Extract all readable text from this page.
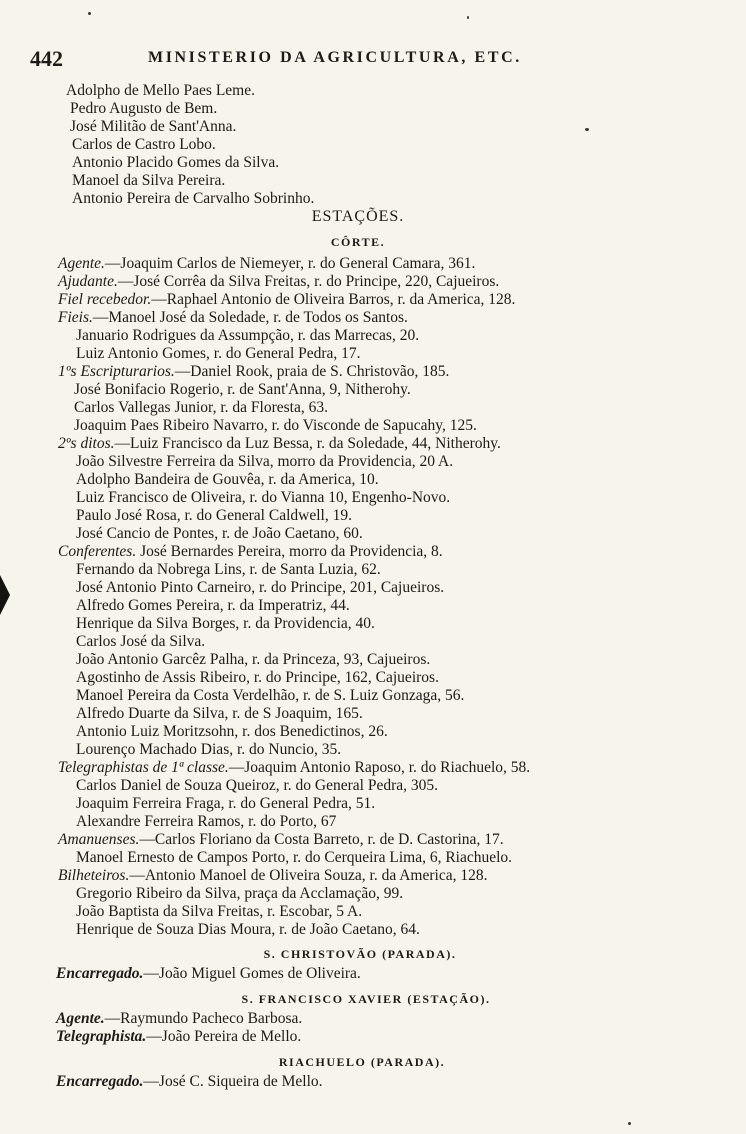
442	MINISTERIO DA AGRICULTURA, ETC.
Adolpho de Mello Paes Leme.
Pedro Augusto de Bem.
José Militão de Sant'Anna.
Carlos de Castro Lobo.
Antonio Placido Gomes da Silva.
Manoel da Silva Pereira.
Antonio Pereira de Carvalho Sobrinho.
ESTAÇÕES.
CÔRTE.
Agente.—Joaquim Carlos de Niemeyer, r. do General Camara, 361.
Ajudante.—José Corrêa da Silva Freitas, r. do Principe, 220, Cajueiros.
Fiel recebedor.—Raphael Antonio de Oliveira Barros, r. da America, 128.
Fieis.—Manoel José da Soledade, r. de Todos os Santos.
Januario Rodrigues da Assumpção, r. das Marrecas, 20.
Luiz Antonio Gomes, r. do General Pedra, 17.
1ºs Escripturarios.—Daniel Rook, praia de S. Christovão, 185.
José Bonifacio Rogerio, r. de Sant'Anna, 9, Nitherohy.
Carlos Vallegas Junior, r. da Floresta, 63.
Joaquim Paes Ribeiro Navarro, r. do Visconde de Sapucahy, 125.
2ºs ditos.—Luiz Francisco da Luz Bessa, r. da Soledade, 44, Nitherohy.
João Silvestre Ferreira da Silva, morro da Providencia, 20 A.
Adolpho Bandeira de Gouvêa, r. da America, 10.
Luiz Francisco de Oliveira, r. do Vianna 10, Engenho-Novo.
Paulo José Rosa, r. do General Caldwell, 19.
José Cancio de Pontes, r. de João Caetano, 60.
Conferentes. José Bernardes Pereira, morro da Providencia, 8.
Fernando da Nobrega Lins, r. de Santa Luzia, 62.
José Antonio Pinto Carneiro, r. do Principe, 201, Cajueiros.
Alfredo Gomes Pereira, r. da Imperatriz, 44.
Henrique da Silva Borges, r. da Providencia, 40.
Carlos José da Silva.
João Antonio Garcêz Palha, r. da Princeza, 93, Cajueiros.
Agostinho de Assis Ribeiro, r. do Principe, 162, Cajueiros.
Manoel Pereira da Costa Verdelhão, r. de S. Luiz Gonzaga, 56.
Alfredo Duarte da Silva, r. de S Joaquim, 165.
Antonio Luiz Moritzsohn, r. dos Benedictinos, 26.
Lourenço Machado Dias, r. do Nuncio, 35.
Telegraphistas de 1ª classe.—Joaquim Antonio Raposo, r. do Riachuelo, 58.
Carlos Daniel de Souza Queiroz, r. do General Pedra, 305.
Joaquim Ferreira Fraga, r. do General Pedra, 51.
Alexandre Ferreira Ramos, r. do Porto, 67
Amanuenses.—Carlos Floriano da Costa Barreto, r. de D. Castorina, 17.
Manoel Ernesto de Campos Porto, r. do Cerqueira Lima, 6, Riachuelo.
Bilheteiros.—Antonio Manoel de Oliveira Souza, r. da America, 128.
Gregorio Ribeiro da Silva, praça da Acclamação, 99.
João Baptista da Silva Freitas, r. Escobar, 5 A.
Henrique de Souza Dias Moura, r. de João Caetano, 64.
S. CHRISTOVÃO (PARADA).
Encarregado.—João Miguel Gomes de Oliveira.
S. FRANCISCO XAVIER (ESTAÇÃO).
Agente.—Raymundo Pacheco Barbosa.
Telegraphista.—João Pereira de Mello.
RIACHUELO (PARADA).
Encarregado.—José C. Siqueira de Mello.
